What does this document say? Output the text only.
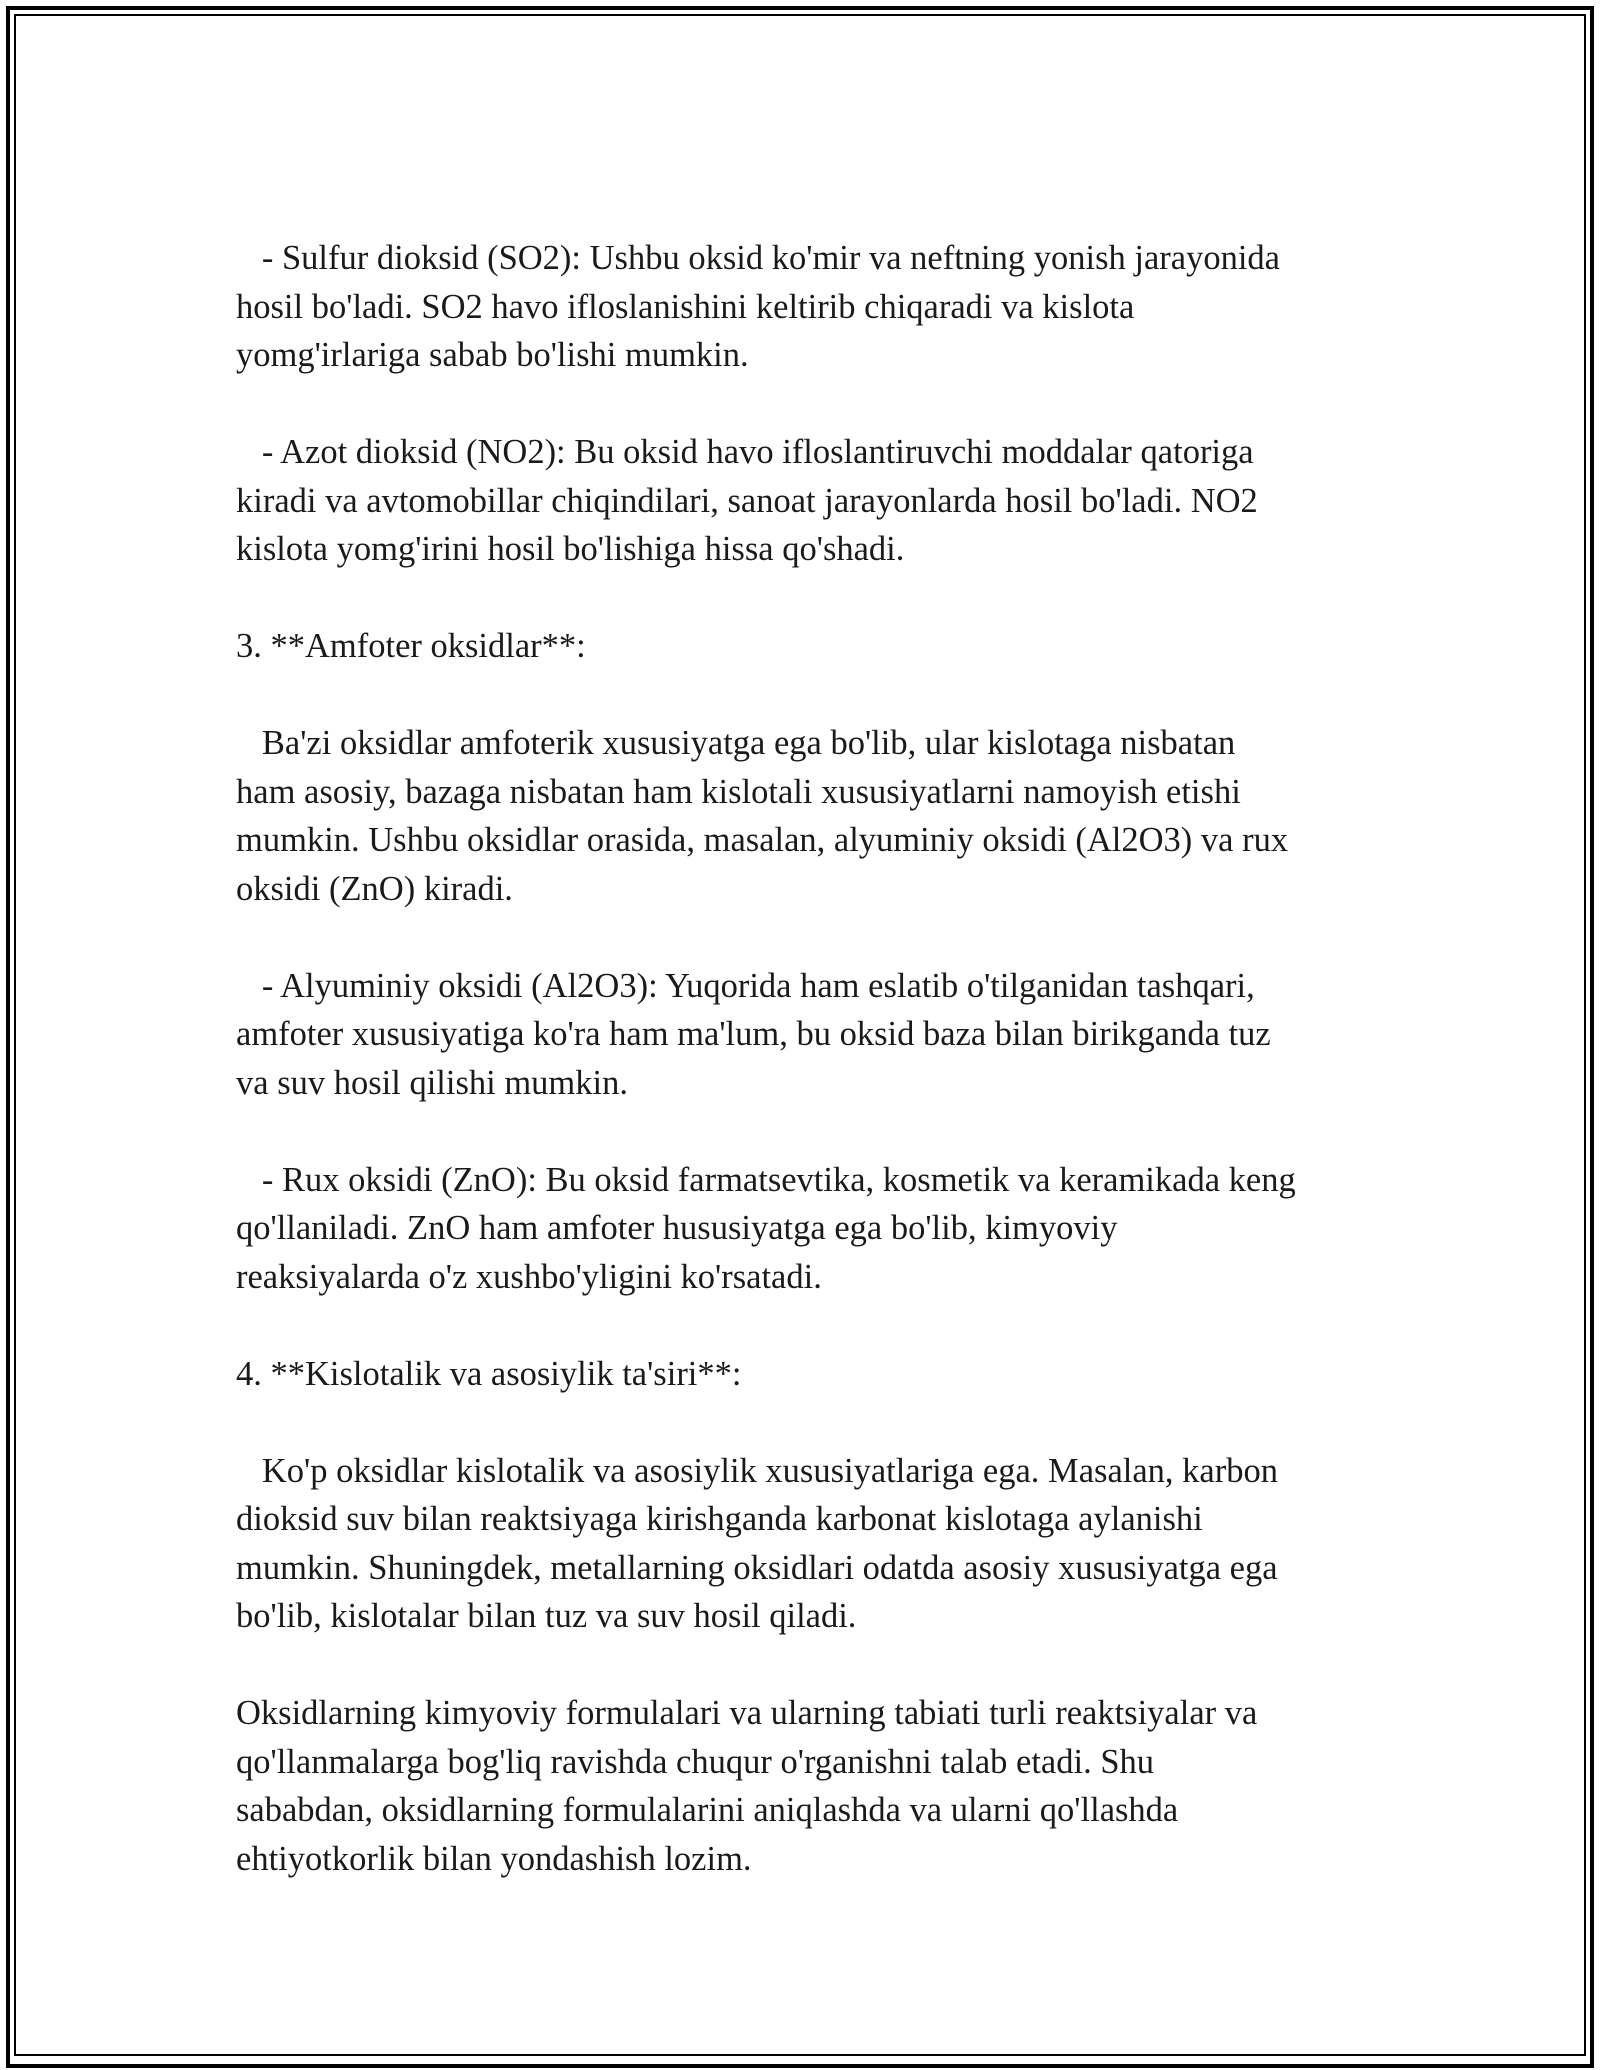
- Sulfur dioksid (SO2): Ushbu oksid ko'mir va neftning yonish jarayonida
hosil bo'ladi. SO2 havo ifloslanishini keltirib chiqaradi va kislota
yomg'irlariga sabab bo'lishi mumkin.
- Azot dioksid (NO2): Bu oksid havo ifloslantiruvchi moddalar qatoriga
kiradi va avtomobillar chiqindilari, sanoat jarayonlarda hosil bo'ladi. NO2
kislota yomg'irini hosil bo'lishiga hissa qo'shadi.
3. **Amfoter oksidlar**:
Ba'zi oksidlar amfoterik xususiyatga ega bo'lib, ular kislotaga nisbatan
ham asosiy, bazaga nisbatan ham kislotali xususiyatlarni namoyish etishi
mumkin. Ushbu oksidlar orasida, masalan, alyuminiy oksidi (Al2O3) va rux
oksidi (ZnO) kiradi.
- Alyuminiy oksidi (Al2O3): Yuqorida ham eslatib o'tilganidan tashqari,
amfoter xususiyatiga ko'ra ham ma'lum, bu oksid baza bilan birikganda tuz
va suv hosil qilishi mumkin.
- Rux oksidi (ZnO): Bu oksid farmatsevtika, kosmetik va keramikada keng
qo'llaniladi. ZnO ham amfoter hususiyatga ega bo'lib, kimyoviy
reaksiyalarda o'z xushbo'yligini ko'rsatadi.
4. **Kislotalik va asosiylik ta'siri**:
Ko'p oksidlar kislotalik va asosiylik xususiyatlariga ega. Masalan, karbon
dioksid suv bilan reaktsiyaga kirishganda karbonat kislotaga aylanishi
mumkin. Shuningdek, metallarning oksidlari odatda asosiy xususiyatga ega
bo'lib, kislotalar bilan tuz va suv hosil qiladi.
Oksidlarning kimyoviy formulalari va ularning tabiati turli reaktsiyalar va
qo'llanmalarga bog'liq ravishda chuqur o'rganishni talab etadi. Shu
sababdan, oksidlarning formulalarini aniqlashda va ularni qo'llashda
ehtiyotkorlik bilan yondashish lozim.
